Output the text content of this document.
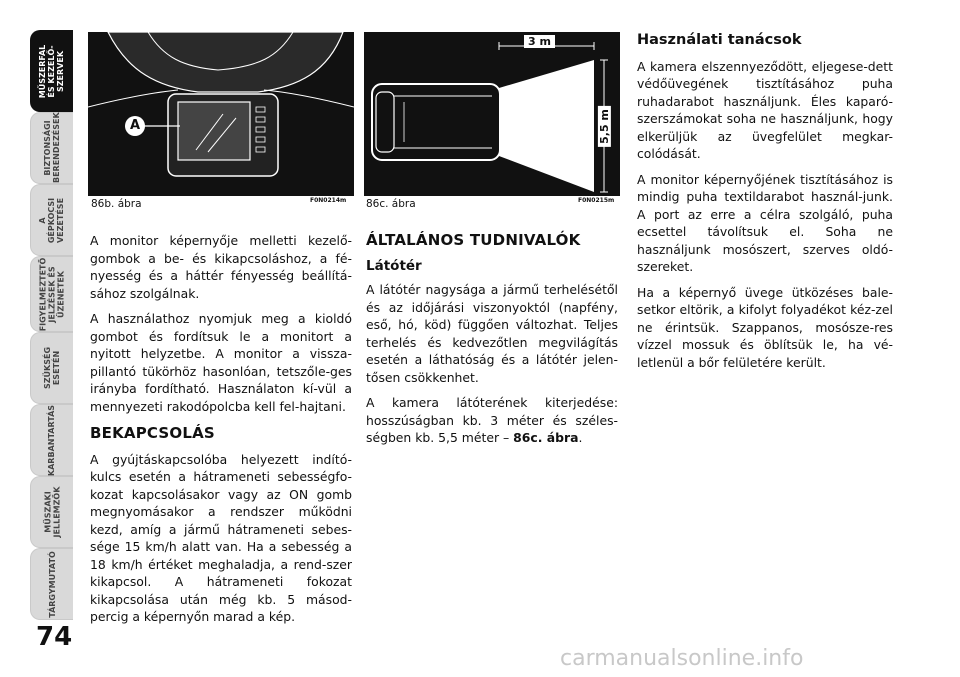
MŰSZERFAL ÉS KEZELŐ- SZERVEK
BIZTONSÁGI BERENDEZÉSEK
A GÉPKOCSI VEZETÉSE
FIGYELMEZTETŐ JELZÉSEK ÉS ÜZENETEK
SZÜKSÉG ESETÉN
KARBANTARTÁS
MŰSZAKI JELLEMZŐK
TÁRGYMUTATÓ
74
A
86b. ábra	F0N0214m
3 m
5,5 m
86c. ábra	F0N0215m

A monitor képernyője melletti kezelő-gombok a be- és kikapcsoláshoz, a fé-nyesség és a háttér fényesség beállítá-sához szolgálnak.

A használathoz nyomjuk meg a kioldó gombot és fordítsuk le a monitort a nyitott helyzetbe. A monitor a vissza-pillantó tükörhöz hasonlóan, tetszőle-ges irányba fordítható. Használaton kí-vül a mennyezeti rakodópolcba kell fel-hajtani.

BEKAPCSOLÁS

A gyújtáskapcsolóba helyezett indító-kulcs esetén a hátrameneti sebességfo-kozat kapcsolásakor vagy az ON gomb megnyomásakor a rendszer működni kezd, amíg a jármű hátrameneti sebes-sége 15 km/h alatt van. Ha a sebesség a 18 km/h értéket meghaladja, a rend-szer kikapcsol. A hátrameneti fokozat kikapcsolása után még kb. 5 másod-percig a képernyőn marad a kép.

ÁLTALÁNOS TUDNIVALÓK
Látótér

A látótér nagysága a jármű terhelésétől és az időjárási viszonyoktól (napfény, eső, hó, köd) függően változhat. Teljes terhelés és kedvezőtlen megvilágítás esetén a láthatóság és a látótér jelen-tősen csökkenhet.

A kamera látóterének kiterjedése: hosszúságban kb. 3 méter és széles-ségben kb. 5,5 méter – 86c. ábra.

Használati tanácsok

A kamera elszennyeződött, eljegese-dett védőüvegének tisztításához puha ruhadarabot használjunk. Éles kaparó-szerszámokat soha ne használjunk, hogy elkerüljük az üvegfelület megkar-colódását.

A monitor képernyőjének tisztításához is mindig puha textildarabot használ-junk. A port az erre a célra szolgáló, puha ecsettel távolítsuk el. Soha ne használjunk mosószert, szerves oldó-szereket.

Ha a képernyő üvege ütközéses bale-setkor eltörik, a kifolyt folyadékot kéz-zel ne érintsük. Szappanos, mosósze-res vízzel mossuk és öblítsük le, ha vé-letlenül a bőr felületére került.

carmanualsonline.info
